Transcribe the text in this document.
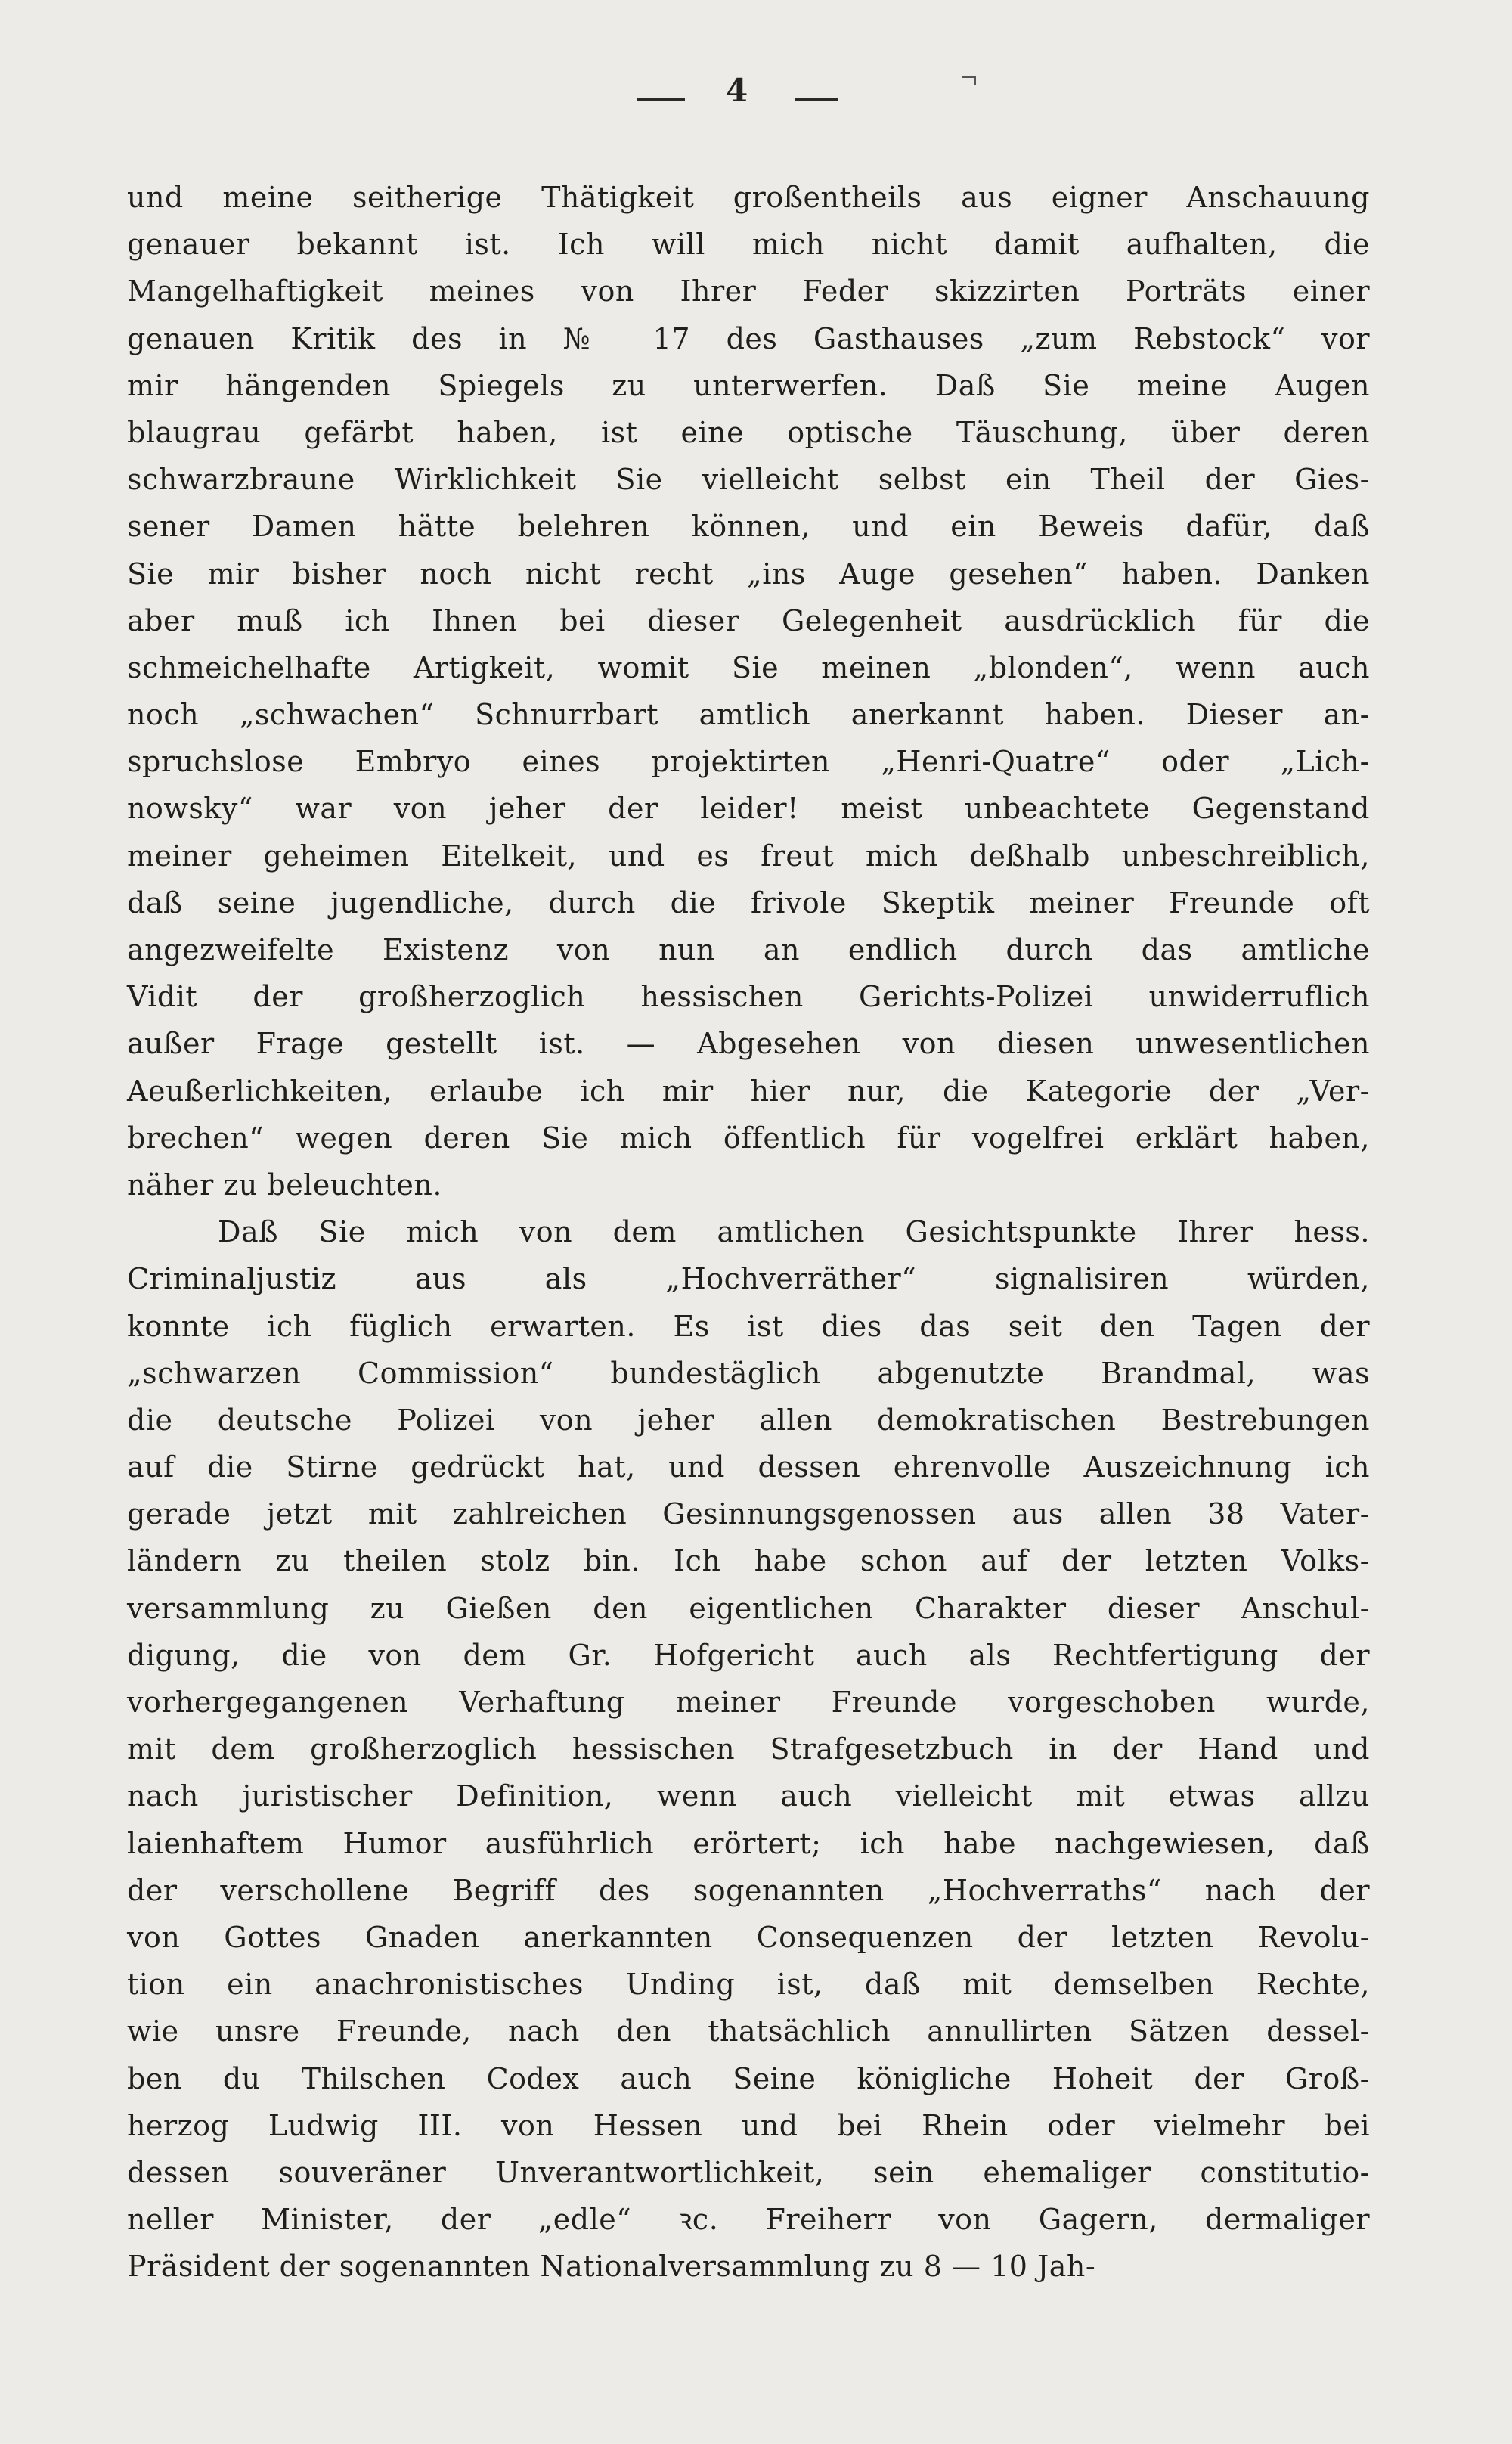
4
und meine seitherige Thätigkeit großentheils aus eigner Anschauung
genauer bekannt ist. Ich will mich nicht damit aufhalten, die
Mangelhaftigkeit meines von Ihrer Feder skizzirten Porträts einer
genauen Kritik des in № 17 des Gasthauses „zum Rebstock“ vor
mir hängenden Spiegels zu unterwerfen. Daß Sie meine Augen
blaugrau gefärbt haben, ist eine optische Täuschung, über deren
schwarzbraune Wirklichkeit Sie vielleicht selbst ein Theil der Gies-
sener Damen hätte belehren können, und ein Beweis dafür, daß
Sie mir bisher noch nicht recht „ins Auge gesehen“ haben. Danken
aber muß ich Ihnen bei dieser Gelegenheit ausdrücklich für die
schmeichelhafte Artigkeit, womit Sie meinen „blonden“, wenn auch
noch „schwachen“ Schnurrbart amtlich anerkannt haben. Dieser an-
spruchslose Embryo eines projektirten „Henri-Quatre“ oder „Lich-
nowsky“ war von jeher der leider! meist unbeachtete Gegenstand
meiner geheimen Eitelkeit, und es freut mich deßhalb unbeschreiblich,
daß seine jugendliche, durch die frivole Skeptik meiner Freunde oft
angezweifelte Existenz von nun an endlich durch das amtliche
Vidit der großherzoglich hessischen Gerichts-Polizei unwiderruflich
außer Frage gestellt ist. — Abgesehen von diesen unwesentlichen
Aeußerlichkeiten, erlaube ich mir hier nur, die Kategorie der „Ver-
brechen“ wegen deren Sie mich öffentlich für vogelfrei erklärt haben,
näher zu beleuchten.
Daß Sie mich von dem amtlichen Gesichtspunkte Ihrer hess.
Criminaljustiz aus als „Hochverräther“ signalisiren würden,
konnte ich füglich erwarten. Es ist dies das seit den Tagen der
„schwarzen Commission“ bundestäglich abgenutzte Brandmal, was
die deutsche Polizei von jeher allen demokratischen Bestrebungen
auf die Stirne gedrückt hat, und dessen ehrenvolle Auszeichnung ich
gerade jetzt mit zahlreichen Gesinnungsgenossen aus allen 38 Vater-
ländern zu theilen stolz bin. Ich habe schon auf der letzten Volks-
versammlung zu Gießen den eigentlichen Charakter dieser Anschul-
digung, die von dem Gr. Hofgericht auch als Rechtfertigung der
vorhergegangenen Verhaftung meiner Freunde vorgeschoben wurde,
mit dem großherzoglich hessischen Strafgesetzbuch in der Hand und
nach juristischer Definition, wenn auch vielleicht mit etwas allzu
laienhaftem Humor ausführlich erörtert; ich habe nachgewiesen, daß
der verschollene Begriff des sogenannten „Hochverraths“ nach der
von Gottes Gnaden anerkannten Consequenzen der letzten Revolu-
tion ein anachronistisches Unding ist, daß mit demselben Rechte,
wie unsre Freunde, nach den thatsächlich annullirten Sätzen dessel-
ben du Thilschen Codex auch Seine königliche Hoheit der Groß-
herzog Ludwig III. von Hessen und bei Rhein oder vielmehr bei
dessen souveräner Unverantwortlichkeit, sein ehemaliger constitutio-
neller Minister, der „edle“ ꝛc. Freiherr von Gagern, dermaliger
Präsident der sogenannten Nationalversammlung zu 8 — 10 Jah-
